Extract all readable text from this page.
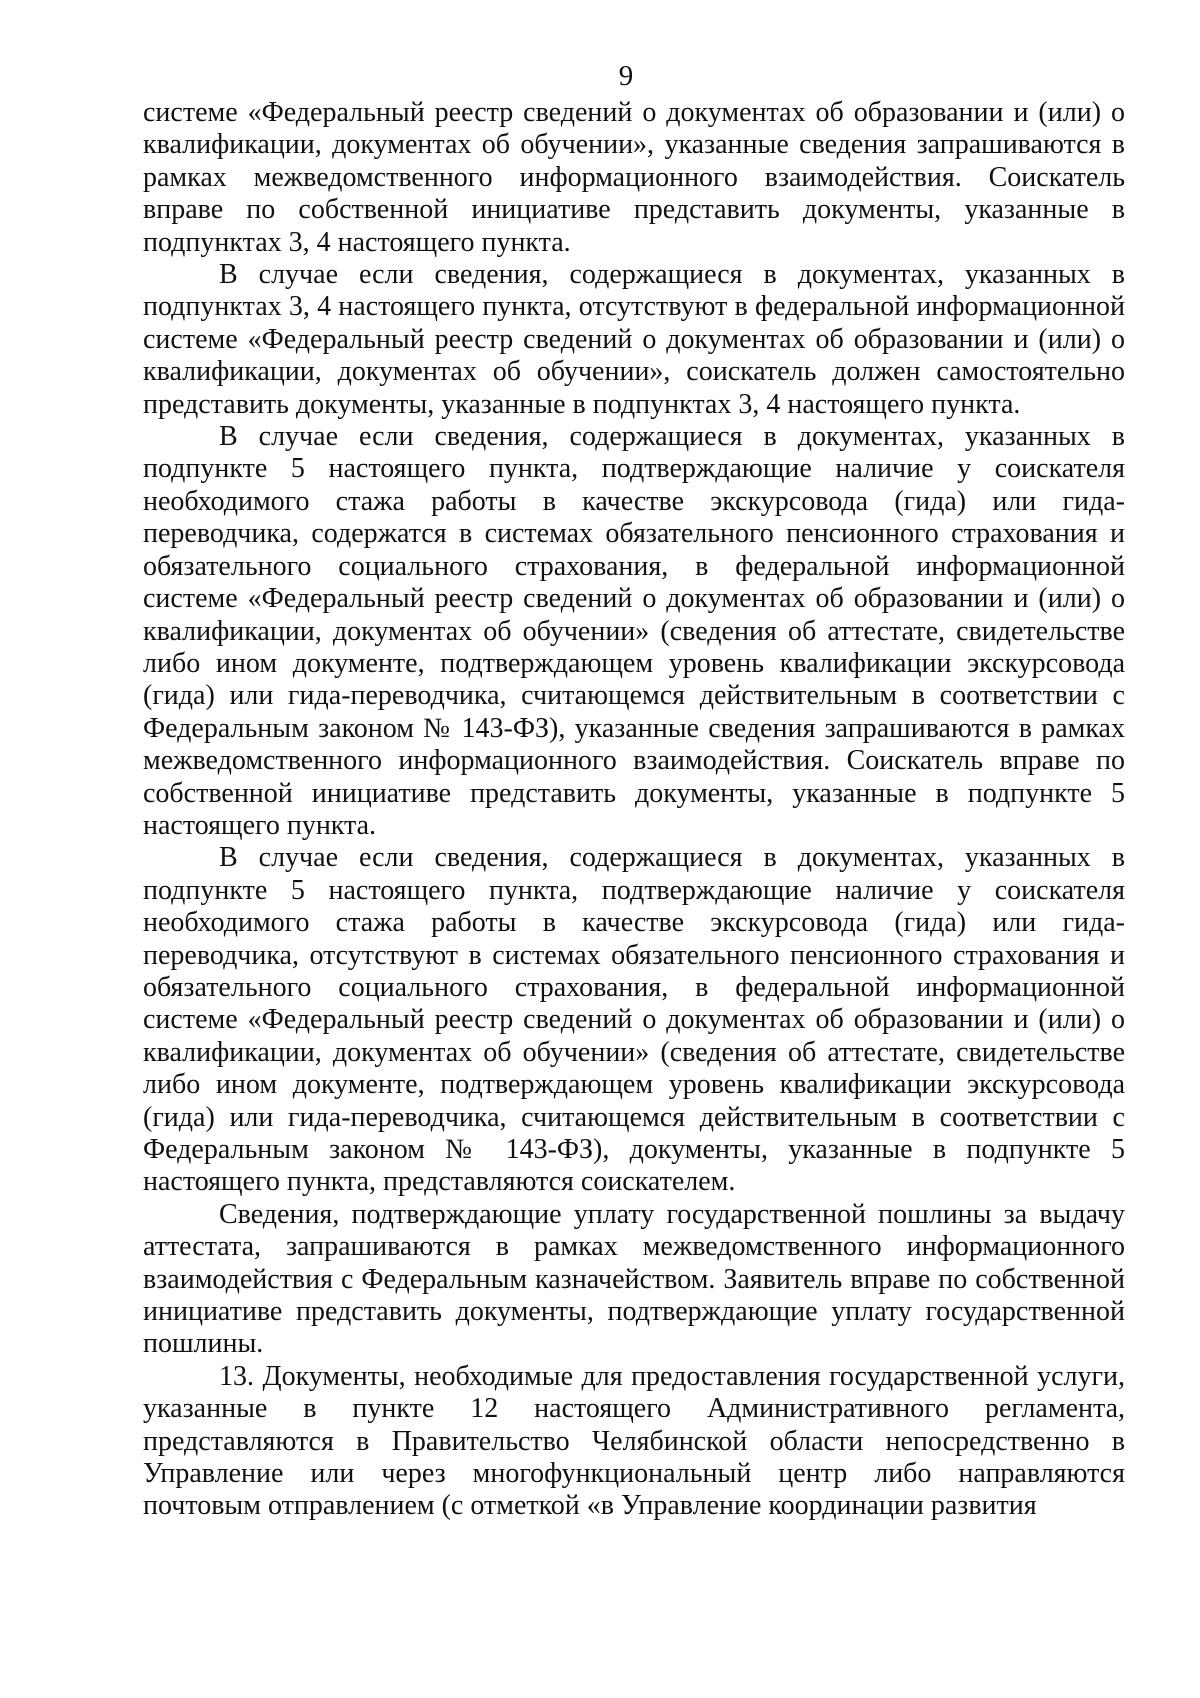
9

системе «Федеральный реестр сведений о документах об образовании и (или) о квалификации, документах об обучении», указанные сведения запрашиваются в рамках межведомственного информационного взаимодействия. Соискатель вправе по собственной инициативе представить документы, указанные в подпунктах 3, 4 настоящего пункта.

В случае если сведения, содержащиеся в документах, указанных в подпунктах 3, 4 настоящего пункта, отсутствуют в федеральной информационной системе «Федеральный реестр сведений о документах об образовании и (или) о квалификации, документах об обучении», соискатель должен самостоятельно представить документы, указанные в подпунктах 3, 4 настоящего пункта.

В случае если сведения, содержащиеся в документах, указанных в подпункте 5 настоящего пункта, подтверждающие наличие у соискателя необходимого стажа работы в качестве экскурсовода (гида) или гида-переводчика, содержатся в системах обязательного пенсионного страхования и обязательного социального страхования, в федеральной информационной системе «Федеральный реестр сведений о документах об образовании и (или) о квалификации, документах об обучении» (сведения об аттестате, свидетельстве либо ином документе, подтверждающем уровень квалификации экскурсовода (гида) или гида-переводчика, считающемся действительным в соответствии с Федеральным законом № 143-ФЗ), указанные сведения запрашиваются в рамках межведомственного информационного взаимодействия. Соискатель вправе по собственной инициативе представить документы, указанные в подпункте 5 настоящего пункта.

В случае если сведения, содержащиеся в документах, указанных в подпункте 5 настоящего пункта, подтверждающие наличие у соискателя необходимого стажа работы в качестве экскурсовода (гида) или гида-переводчика, отсутствуют в системах обязательного пенсионного страхования и обязательного социального страхования, в федеральной информационной системе «Федеральный реестр сведений о документах об образовании и (или) о квалификации, документах об обучении» (сведения об аттестате, свидетельстве либо ином документе, подтверждающем уровень квалификации экскурсовода (гида) или гида-переводчика, считающемся действительным в соответствии с Федеральным законом № 143-ФЗ), документы, указанные в подпункте 5 настоящего пункта, представляются соискателем.

Сведения, подтверждающие уплату государственной пошлины за выдачу аттестата, запрашиваются в рамках межведомственного информационного взаимодействия с Федеральным казначейством. Заявитель вправе по собственной инициативе представить документы, подтверждающие уплату государственной пошлины.

13. Документы, необходимые для предоставления государственной услуги, указанные в пункте 12 настоящего Административного регламента, представляются в Правительство Челябинской области непосредственно в Управление или через многофункциональный центр либо направляются почтовым отправлением (с отметкой «в Управление координации развития
